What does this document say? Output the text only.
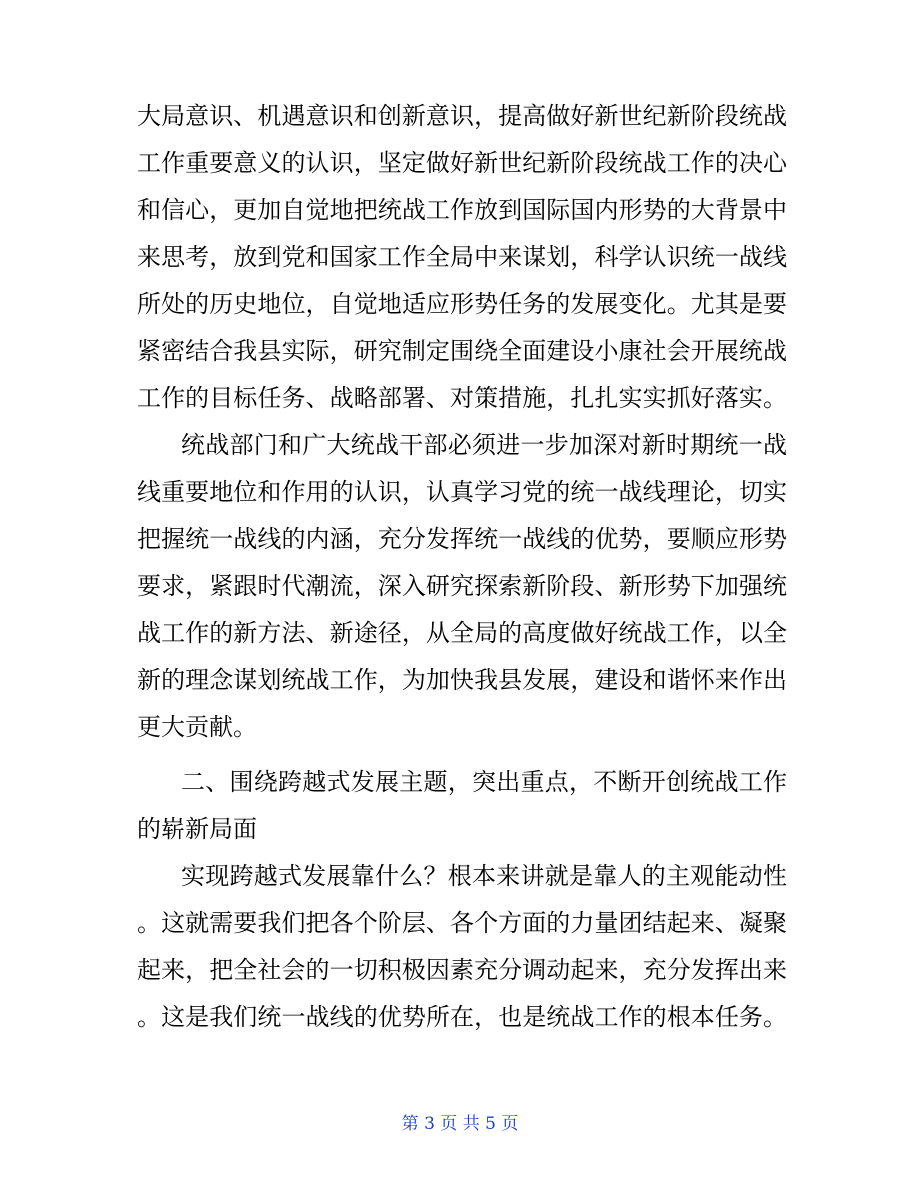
大局意识、机遇意识和创新意识，提高做好新世纪新阶段统战
工作重要意义的认识，坚定做好新世纪新阶段统战工作的决心
和信心，更加自觉地把统战工作放到国际国内形势的大背景中
来思考，放到党和国家工作全局中来谋划，科学认识统一战线
所处的历史地位，自觉地适应形势任务的发展变化。尤其是要
紧密结合我县实际，研究制定围绕全面建设小康社会开展统战
工作的目标任务、战略部署、对策措施，扎扎实实抓好落实。
统战部门和广大统战干部必须进一步加深对新时期统一战
线重要地位和作用的认识，认真学习党的统一战线理论，切实
把握统一战线的内涵，充分发挥统一战线的优势，要顺应形势
要求，紧跟时代潮流，深入研究探索新阶段、新形势下加强统
战工作的新方法、新途径，从全局的高度做好统战工作，以全
新的理念谋划统战工作，为加快我县发展，建设和谐怀来作出
更大贡献。
二、围绕跨越式发展主题，突出重点，不断开创统战工作
的崭新局面
实现跨越式发展靠什么？根本来讲就是靠人的主观能动性
。这就需要我们把各个阶层、各个方面的力量团结起来、凝聚
起来，把全社会的一切积极因素充分调动起来，充分发挥出来
。这是我们统一战线的优势所在，也是统战工作的根本任务。
第 3 页 共 5 页
